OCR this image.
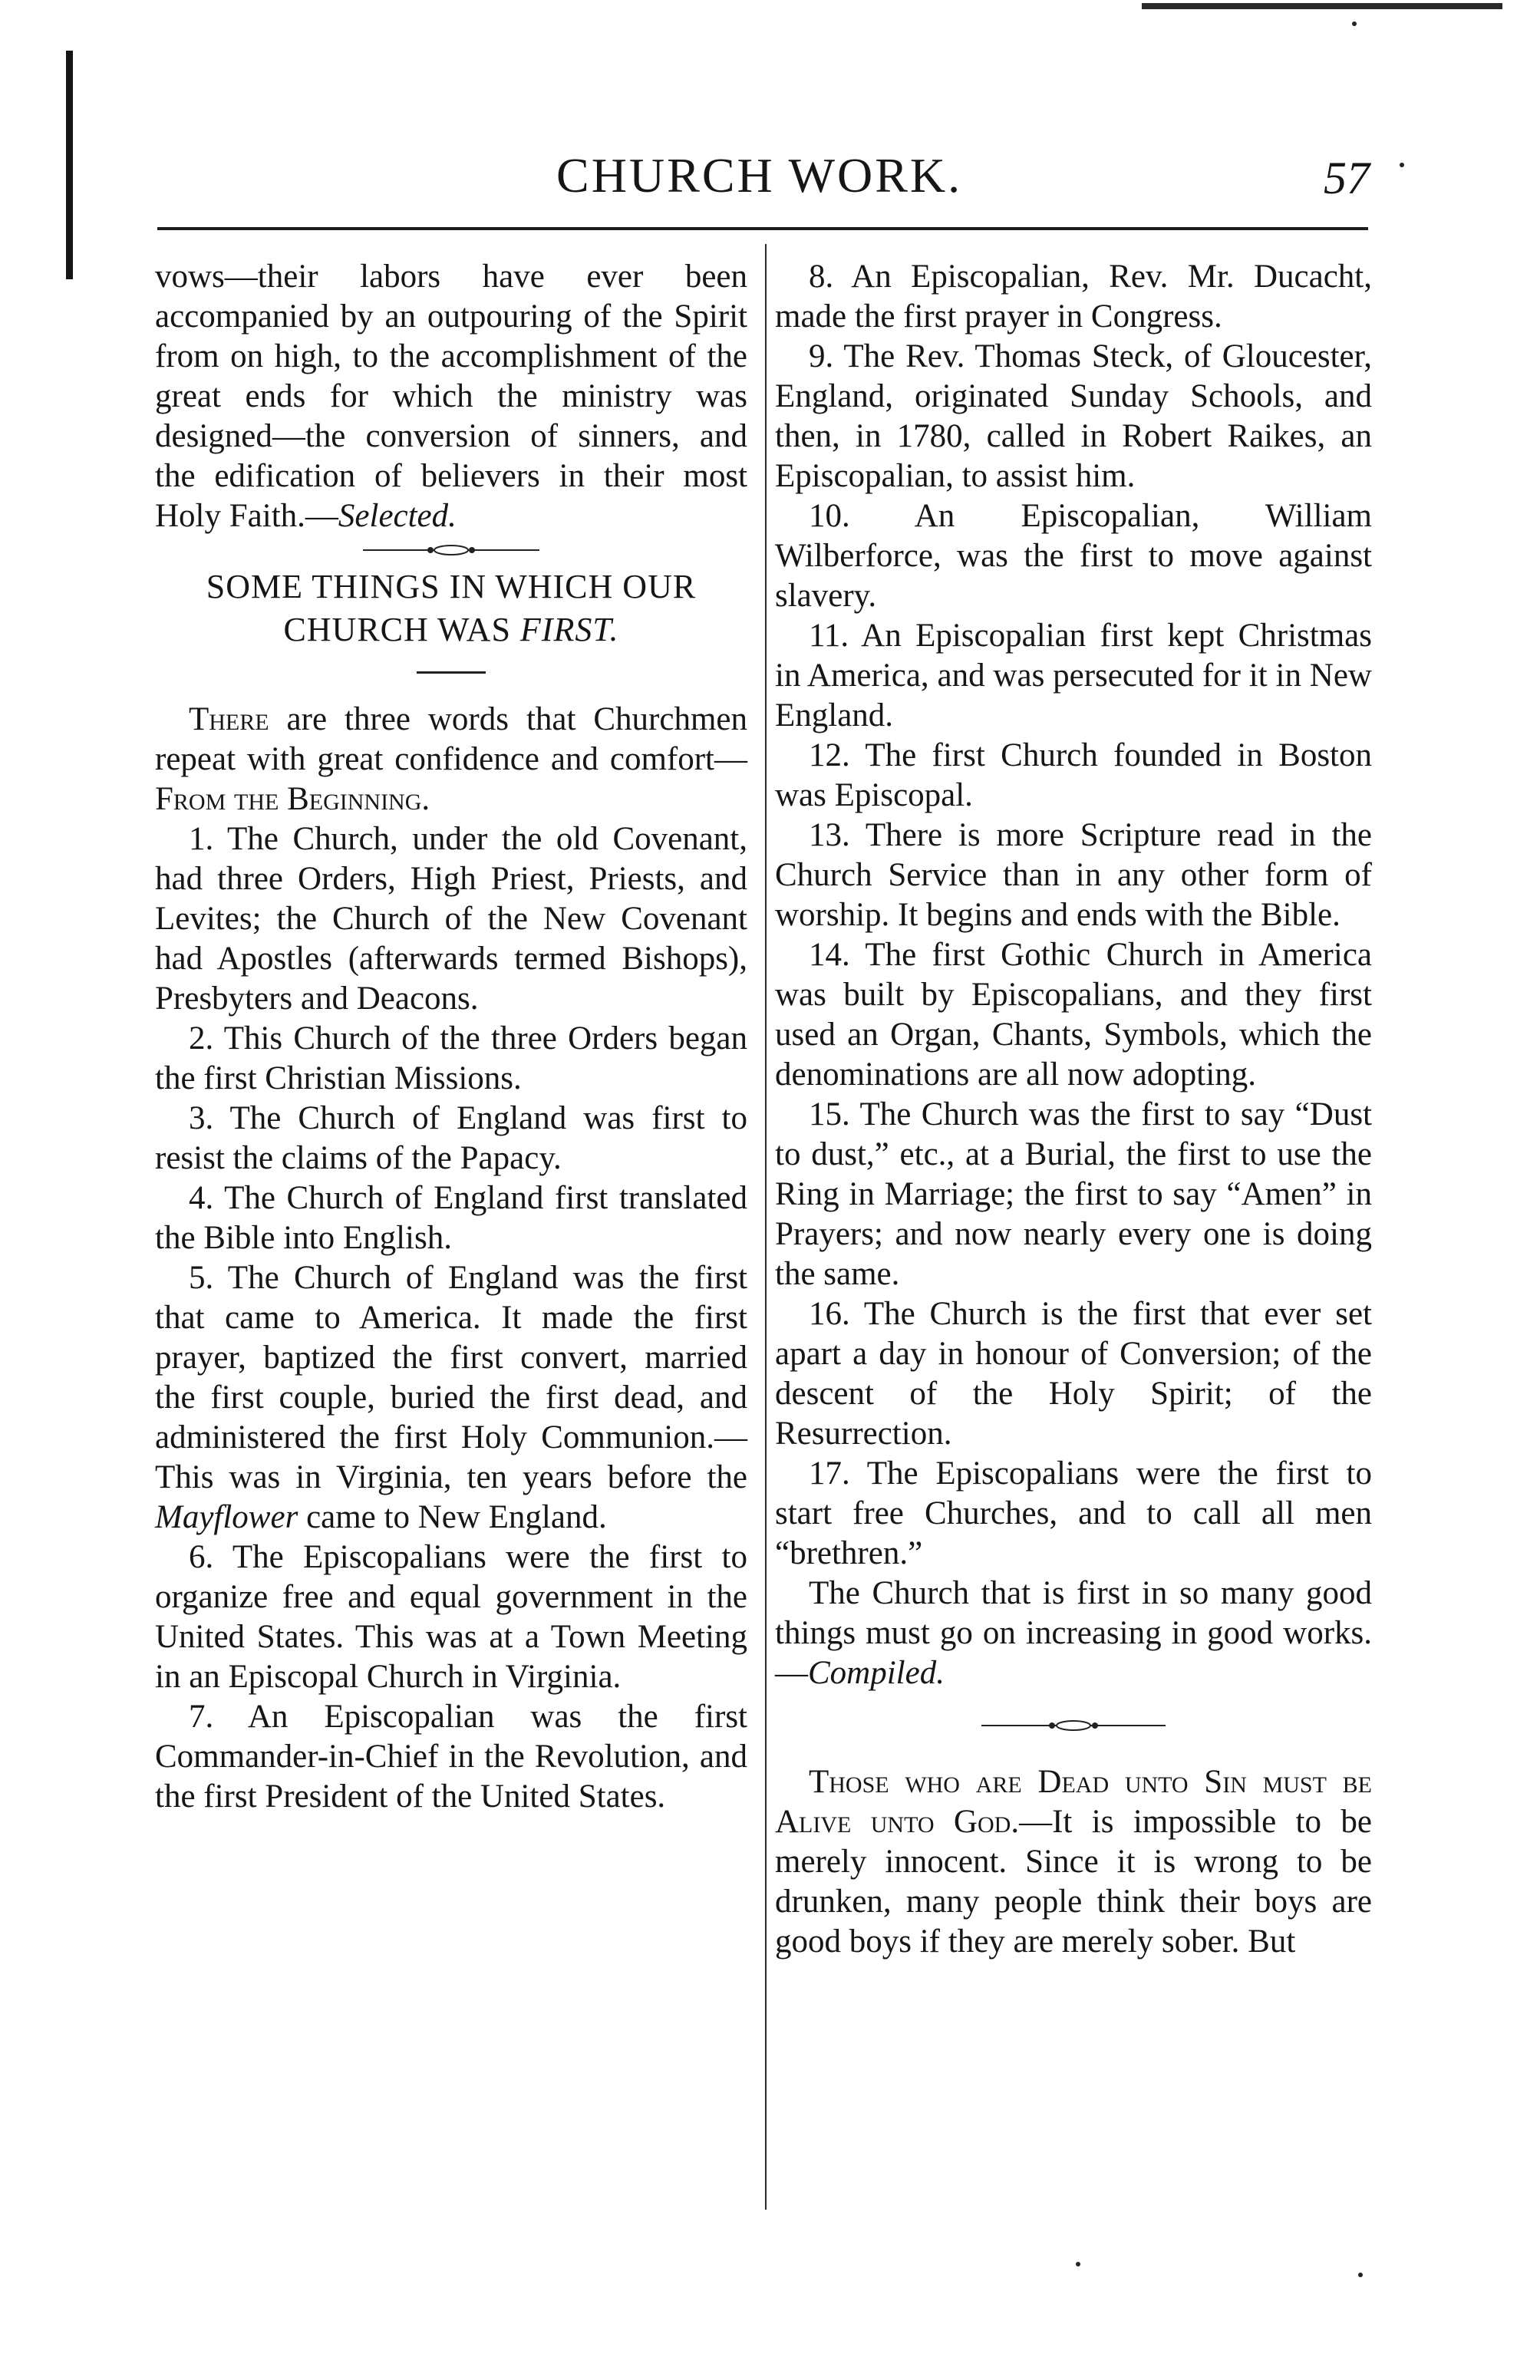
CHURCH WORK.	57

vows—their labors have ever been accompanied by an outpouring of the Spirit from on high, to the accomplishment of the great ends for which the ministry was designed—the conversion of sinners, and the edification of believers in their most Holy Faith.—Selected.

SOME THINGS IN WHICH OUR
CHURCH WAS FIRST.

There are three words that Churchmen repeat with great confidence and comfort—From the Beginning.

1. The Church, under the old Covenant, had three Orders, High Priest, Priests, and Levites; the Church of the New Covenant had Apostles (afterwards termed Bishops), Presbyters and Deacons.

2. This Church of the three Orders began the first Christian Missions.

3. The Church of England was first to resist the claims of the Papacy.

4. The Church of England first translated the Bible into English.

5. The Church of England was the first that came to America. It made the first prayer, baptized the first convert, married the first couple, buried the first dead, and administered the first Holy Communion.—This was in Virginia, ten years before the Mayflower came to New England.

6. The Episcopalians were the first to organize free and equal government in the United States. This was at a Town Meeting in an Episcopal Church in Virginia.

7. An Episcopalian was the first Commander-in-Chief in the Revolution, and the first President of the United States.

8. An Episcopalian, Rev. Mr. Ducacht, made the first prayer in Congress.

9. The Rev. Thomas Steck, of Gloucester, England, originated Sunday Schools, and then, in 1780, called in Robert Raikes, an Episcopalian, to assist him.

10. An Episcopalian, William Wilberforce, was the first to move against slavery.

11. An Episcopalian first kept Christmas in America, and was persecuted for it in New England.

12. The first Church founded in Boston was Episcopal.

13. There is more Scripture read in the Church Service than in any other form of worship. It begins and ends with the Bible.

14. The first Gothic Church in America was built by Episcopalians, and they first used an Organ, Chants, Symbols, which the denominations are all now adopting.

15. The Church was the first to say “Dust to dust,” etc., at a Burial, the first to use the Ring in Marriage; the first to say “Amen” in Prayers; and now nearly every one is doing the same.

16. The Church is the first that ever set apart a day in honour of Conversion; of the descent of the Holy Spirit; of the Resurrection.

17. The Episcopalians were the first to start free Churches, and to call all men “brethren.”

The Church that is first in so many good things must go on increasing in good works.—Compiled.

Those who are Dead unto Sin must be Alive unto God.—It is impossible to be merely innocent. Since it is wrong to be drunken, many people think their boys are good boys if they are merely sober. But
